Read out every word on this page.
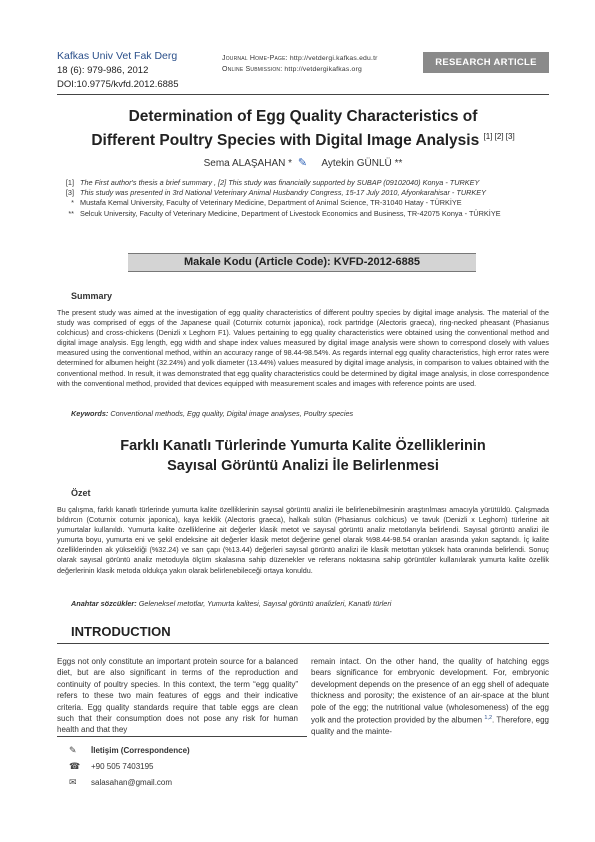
Kafkas Univ Vet Fak Derg
18 (6): 979-986, 2012
DOI:10.9775/kvfd.2012.6885
Journal Home-Page: http://vetdergi.kafkas.edu.tr
Online Submission: http://vetdergikafkas.org
RESEARCH ARTICLE
Determination of Egg Quality Characteristics of
Different Poultry Species with Digital Image Analysis [1] [2] [3]
Sema ALAŞAHAN * ✎ Aytekin GÜNLÜ **
[1] The First author's thesis a brief summary , [2] This study was financially supported by SUBAP (09102040) Konya - TURKEY
[3] This study was presented in 3rd National Veterinary Animal Husbandry Congress, 15-17 July 2010, Afyonkarahisar - TURKEY
* Mustafa Kemal University, Faculty of Veterinary Medicine, Department of Animal Science, TR-31040 Hatay - TÜRKİYE
** Selcuk University, Faculty of Veterinary Medicine, Department of Livestock Economics and Business, TR-42075 Konya - TÜRKİYE
Makale Kodu (Article Code): KVFD-2012-6885
Summary
The present study was aimed at the investigation of egg quality characteristics of different poultry species by digital image analysis. The material of the study was comprised of eggs of the Japanese quail (Coturnix coturnix japonica), rock partridge (Alectoris graeca), ring-necked pheasant (Phasianus colchicus) and cross-chickens (Denizli x Leghorn F1). Values pertaining to egg quality characteristics were obtained using the conventional method and digital image analysis. Egg length, egg width and shape index values measured by digital image analysis were shown to correspond closely with values measured using the conventional method, within an accuracy range of 98.44-98.54%. As regards internal egg quality characteristics, high error rates were determined for albumen height (32.24%) and yolk diameter (13.44%) values measured by digital image analysis, in comparison to values obtained with the conventional method. In result, it was demonstrated that egg quality characteristics could be determined by digital image analysis, in close correspondence with the conventional method, provided that devices equipped with measurement scales and images with reference points are used.
Keywords: Conventional methods, Egg quality, Digital image analyses, Poultry species
Farklı Kanatlı Türlerinde Yumurta Kalite Özelliklerinin
Sayısal Görüntü Analizi İle Belirlenmesi
Özet
Bu çalışma, farklı kanatlı türlerinde yumurta kalite özelliklerinin sayısal görüntü analizi ile belirlenebilmesinin araştırılması amacıyla yürütüldü. Çalışmada bıldırcın (Coturnix coturnix japonica), kaya keklik (Alectoris graeca), halkalı sülün (Phasianus colchicus) ve tavuk (Denizli x Leghorn) türlerine ait yumurtalar kullanıldı. Yumurta kalite özelliklerine ait değerler klasik metot ve sayısal görüntü analiz metotlarıyla belirlendi. Sayısal görüntü analizi ile yumurta boyu, yumurta eni ve şekil endeksine ait değerler klasik metot değerine genel olarak %98.44-98.54 oranları arasında yakın saptandı. İç kalite özelliklerinden ak yüksekliği (%32.24) ve sarı çapı (%13.44) değerleri sayısal görüntü analizi ile klasik metottan yüksek hata oranında belirlendi. Sonuç olarak sayısal görüntü analiz metoduyla ölçüm skalasına sahip düzenekler ve referans noktasına sahip görüntüler kullanılarak yumurta kalite özellik değerlerinin klasik metoda oldukça yakın olarak belirlenebileceği ortaya konuldu.
Anahtar sözcükler: Geleneksel metotlar, Yumurta kalitesi, Sayısal görüntü analizleri, Kanatlı türleri
INTRODUCTION
Eggs not only constitute an important protein source for a balanced diet, but are also significant in terms of the reproduction and continuity of poultry species. In this context, the term “egg quality” refers to these two main features of eggs and their indicative criteria. Egg quality standards require that table eggs are clean such that their consumption does not pose any risk for human health and that they
remain intact. On the other hand, the quality of hatching eggs bears significance for embryonic development. For, embryonic development depends on the presence of an egg shell of adequate thickness and porosity; the existence of an air-space at the blunt pole of the egg; the nutritional value (wholesomeness) of the egg yolk and the protection provided by the albumen $^{1,2}$. Therefore, egg quality and the mainte-
✎ İletişim (Correspondence)
☎ +90 505 7403195
✉ salasahan@gmail.com
